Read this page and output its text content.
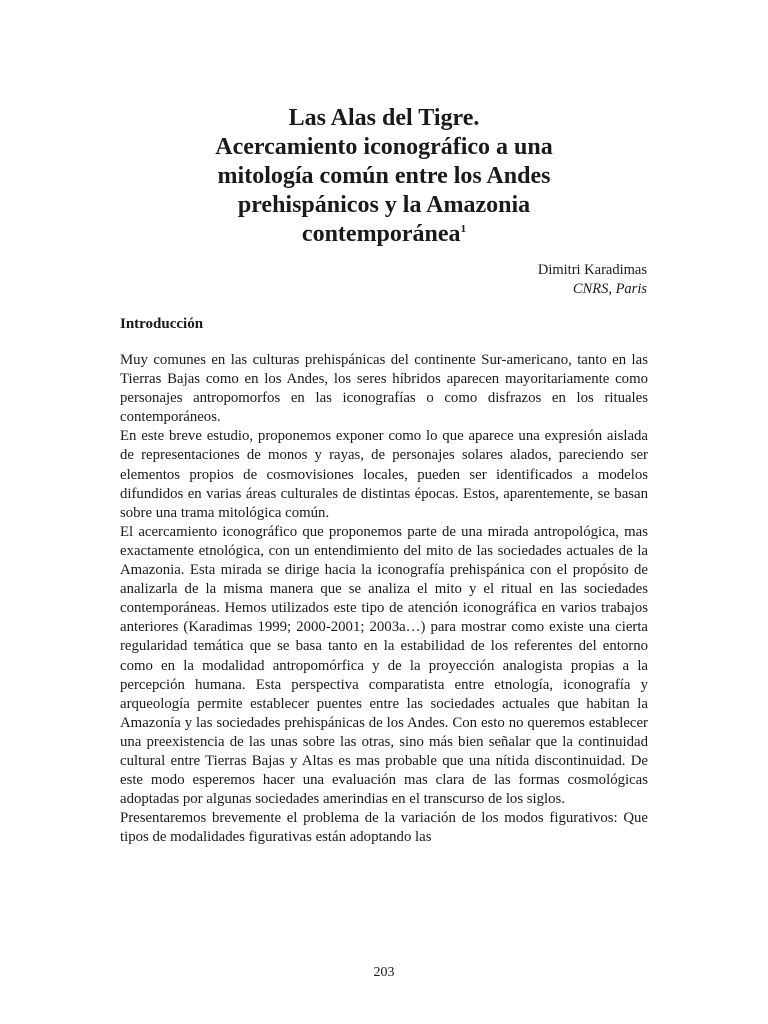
Las Alas del Tigre.
Acercamiento iconográfico a una
mitología común entre los Andes
prehispánicos y la Amazonia
contemporánea$^1$
Dimitri Karadimas
CNRS, Paris
Introducción

Muy comunes en las culturas prehispánicas del continente Sur-americano, tanto en las Tierras Bajas como en los Andes, los seres híbridos aparecen mayoritariamente como personajes antropomorfos en las iconografías o como disfrazos en los rituales contemporáneos.

En este breve estudio, proponemos exponer como lo que aparece una expresión aislada de representaciones de monos y rayas, de personajes solares alados, pareciendo ser elementos propios de cosmovisiones locales, pueden ser identificados a modelos difundidos en varias áreas culturales de distintas épocas. Estos, aparentemente, se basan sobre una trama mitológica común.

El acercamiento iconográfico que proponemos parte de una mirada antropológica, mas exactamente etnológica, con un entendimiento del mito de las sociedades actuales de la Amazonia. Esta mirada se dirige hacia la iconografía prehispánica con el propósito de analizarla de la misma manera que se analiza el mito y el ritual en las sociedades contemporáneas. Hemos utilizados este tipo de atención iconográfica en varios trabajos anteriores (Karadimas 1999; 2000-2001; 2003a…) para mostrar como existe una cierta regularidad temática que se basa tanto en la estabilidad de los referentes del entorno como en la modalidad antropomórfica y de la proyección analogista propias a la percepción humana. Esta perspectiva comparatista entre etnología, iconografía y arqueología permite establecer puentes entre las sociedades actuales que habitan la Amazonía y las sociedades prehispánicas de los Andes. Con esto no queremos establecer una preexistencia de las unas sobre las otras, sino más bien señalar que la continuidad cultural entre Tierras Bajas y Altas es mas probable que una nítida discontinuidad. De este modo esperemos hacer una evaluación mas clara de las formas cosmológicas adoptadas por algunas sociedades amerindias en el transcurso de los siglos.

Presentaremos brevemente el problema de la variación de los modos figurativos: Que tipos de modalidades figurativas están adoptando las

203
